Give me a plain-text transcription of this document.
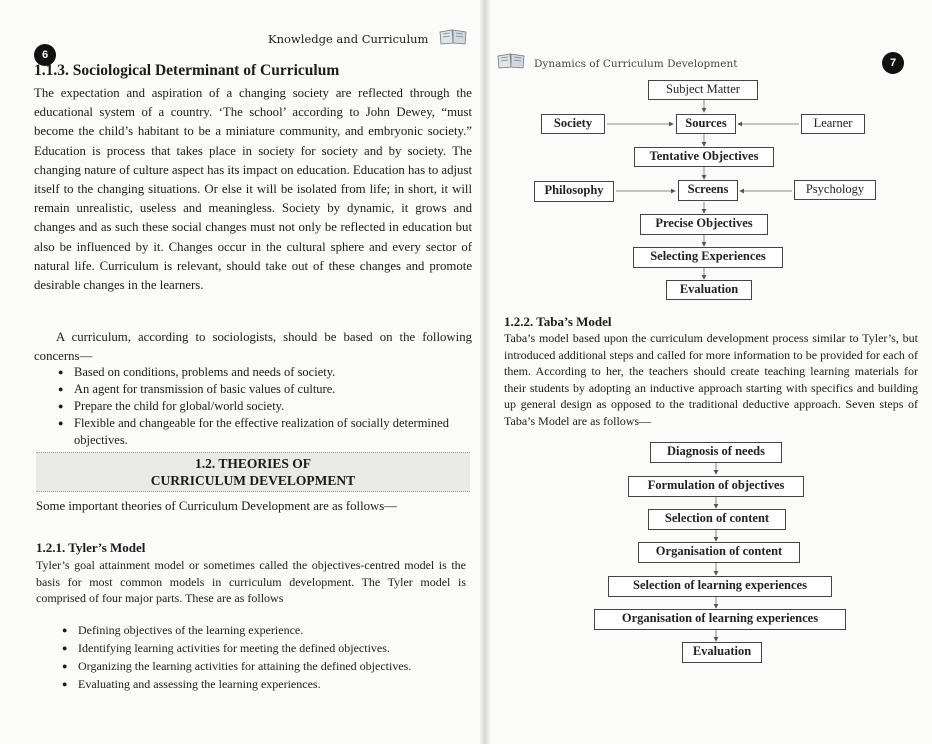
6
Knowledge and Curriculum
1.1.3. Sociological Determinant of Curriculum
The expectation and aspiration of a changing society are reflected through the educational system of a country. ‘The school’ according to John Dewey, “must become the child’s habitant to be a miniature community, and embryonic society.” Education is process that takes place in society for society and by society. The changing nature of culture aspect has its impact on education. Education has to adjust itself to the changing situations. Or else it will be isolated from life; in short, it will remain unrealistic, useless and meaningless. Society by dynamic, it grows and changes and as such these social changes must not only be reflected in education but also be influenced by it. Changes occur in the cultural sphere and every sector of natural life. Curriculum is relevant, should take out of these changes and promote desirable changes in the learners.
A curriculum, according to sociologists, should be based on the following concerns—
● Based on conditions, problems and needs of society.
● An agent for transmission of basic values of culture.
● Prepare the child for global/world society.
● Flexible and changeable for the effective realization of socially determined objectives.
1.2. THEORIES OF
CURRICULUM DEVELOPMENT
Some important theories of Curriculum Development are as follows—
1.2.1. Tyler’s Model
Tyler’s goal attainment model or sometimes called the objectives-centred model is the basis for most common models in curriculum development. The Tyler model is comprised of four major parts. These are as follows
● Defining objectives of the learning experience.
● Identifying learning activities for meeting the defined objectives.
● Organizing the learning activities for attaining the defined objectives.
● Evaluating and assessing the learning experiences.
Dynamics of Curriculum Development	7
Subject Matter
Society	Sources	Learner
Tentative Objectives
Philosophy	Screens	Psychology
Precise Objectives
Selecting Experiences
Evaluation
1.2.2. Taba’s Model
Taba’s model based upon the curriculum development process similar to Tyler’s, but introduced additional steps and called for more information to be provided for each of them. According to her, the teachers should create teaching learning materials for their students by adopting an inductive approach starting with specifics and building up general design as opposed to the traditional deductive approach. Seven steps of Taba’s Model are as follows—
Diagnosis of needs
Formulation of objectives
Selection of content
Organisation of content
Selection of learning experiences
Organisation of learning experiences
Evaluation
